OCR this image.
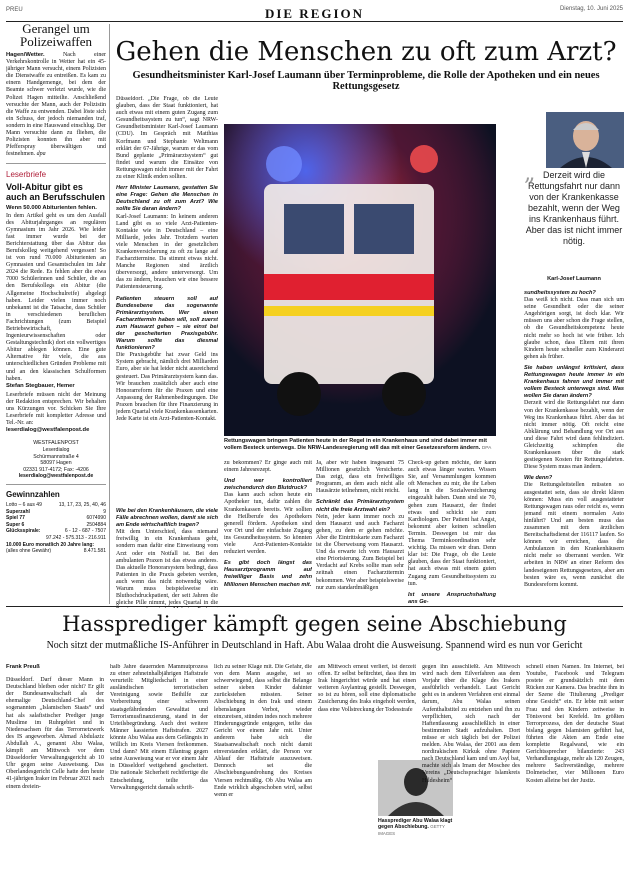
PREU	Dienstag, 10. Juni 2025
DIE REGION
Gerangel um Polizeiwaffen
Hagen/Wetter.	Nach einer Verkehrskontrolle in Wetter hat ein 45-jähriger Mann versucht, einem Polizisten die Dienstwaffe zu entreißen. Es kam zu einem Handgemenge, bei dem der Beamte schwer verletzt wurde, wie die Polizei Hagen mitteilte. Anschließend versuchte der Mann, auch der Polizistin die Waffe zu entwenden. Dabei löste sich ein Schuss, der jedoch niemanden traf, sondern in eine Hauswand einschlug. Der Mann versuchte dann zu fliehen, die Polizisten konnten ihn aber mit Pfefferspray überwältigen und festnehmen. dpa
Leserbriefe
Voll-Abitur gibt es auch an Berufsschulen
Wenn 50.000 Abiturienten fehlen.
In dem Artikel geht es um den Ausfall des Abiturjahrganges an regulären Gymnasium im Jahr 2026. Wie leider fast immer wurde bei der Berichterstattung über das Abitur das Berufskolleg weitgehend vergessen! So ist von rund 70.000 Abiturienten an Gymnasien und Gesamtschulen im Jahr 2024 die Rede. Es fehlen aber die etwa 7000 Schülerinnen und Schüler, die an den Berufskollegs ein Abitur (die Allgemeine Hochschulreife) abgelegt haben. Leider vielen immer noch unbekannt ist die Tatsache, dass Schüler in verschiedenen beruflichen Fachrichtungen (zum Beispiel Betriebswirtschaft, Ingenieurwissenschaften oder Gestaltungstechnik) dort ein vollwertiges Abitur ablegen können. Eine gute Alternative für viele, die aus unterschiedlichen Gründen Probleme mit und an den klassischen Schulformen haben.
Stefan Stegbauer, Hemer
Leserbriefe müssen nicht der Meinung der Redaktion entsprechen. Wir behalten uns Kürzungen vor. Schicken Sie Ihre Leserbriefe mit kompletter Adresse und Tel.-Nr. an:
leserdialog@westfalenpost.de
WESTFALENPOST
Leserdialog
Schürmannstraße 4
58097 Hagen
02331 917-4172; Fax: -4206
leserdialog@westfalenpost.de
Gewinnzahlen
Lotto – 6 aus 49	13, 17, 23, 25, 40, 46
Superzahl	9
Spiel 77	6074990
Super 6	2504884
Glücksspirale:	6 - 12 - 687 - 7507
97.242 - 575.313 - 216.911
10.000 Euro monatlich 20 Jahre lang:
(alles ohne Gewähr)	8.471.581
Gehen die Menschen zu oft zum Arzt?
Gesundheitsminister Karl-Josef Laumann über Terminprobleme, die Rolle der Apotheken und ein neues Rettungsgesetz
Düsseldorf. „Die Frage, ob die Leute glauben, dass der Staat funktioniert, hat auch etwas mit einem guten Zugang zum Gesundheitssystem zu tun“, sagt NRW-Gesundheitsminister Karl-Josef Laumann (CDU). Im Gespräch mit Matthias Korfmann und Stephanie Weltmann erklärt der 67-Jährige, warum er das vom Bund geplante „Primärarztsystem“ gut findet und warum die Einsätze von Rettungswagen nicht immer mit der Fahrt zu einer Klinik enden sollten.
Herr Minister Laumann, gestatten Sie eine Frage: Gehen die Menschen in Deutschland zu oft zum Arzt? Wie sollte Sie daran ändern?
Karl-Josef Laumann: In keinem anderen Land gibt es so viele Arzt-Patienten-Kontakte wie in Deutschland – eine Milliarde, jedes Jahr. Trotzdem warten viele Menschen in der gesetzlichen Krankenversicherung zu oft zu lange auf Facharzttermine. Da stimmt etwas nicht. Manche Regionen sind ärztlich überversorgt, andere unterversorgt. Um das zu ändern, brauchen wir eine bessere Patientensteuerung.
Patienten steuern soll auf Bundesebene das sogenannte Primärarztsystem. Wer einen Facharzttermin haben will, soll zuerst zum Hausarzt gehen – sie einst bei der gescheiterten Praxisgebühr. Warum sollte das diesmal funktionieren?
Die Praxisgebühr hat zwar Geld ins System gebracht, nämlich drei Milliarden Euro, aber sie hat leider nicht ausreichend gesteuert. Das Primärarztsystem kann das. Wir brauchen zusätzlich aber auch eine Honorarreform für die Praxen und eine Anpassung der Rahmenbedingungen. Die Praxen brauchen für ihre Finanzierung in jedem Quartal viele Krankenkassenkarten. Jede Karte ist ein Arzt-Patienten-Kontakt.
Wie bei den Krankenhäusern, die viele Fälle abrechnen wollen, damit sie sich am Ende wirtschaftlich tragen?
Mit dem Unterschied, dass niemand freiwillig in ein Krankenhaus geht, sondern man dafür eine Einweisung vom Arzt oder ein Notfall ist. Bei den ambulanten Praxen ist das etwas anderes. Das aktuelle Honorarsystem bedingt, dass Patienten in die Praxis gebeten werden, auch wenn das nicht notwendig wäre. Warum muss beispielsweise ein Bluthochdruckpatient, der seit Jahren die gleiche Pille nimmt, jedes Quartal in die
Rettungswagen bringen Patienten heute in der Regel in ein Krankenhaus und sind dabei immer mit vollem Besteck unterwegs. Die NRW-Landesregierung will das mit einer Gesetzesreform ändern. DPA
zu bekommen? Er ginge auch mit einem Jahresrezept.
Und wer kontrolliert zwischendurch den Blutdruck?
Das kann auch schon heute ein Apotheker tun, dafür zahlen die Krankenkassen bereits. Wir sollten die Heilberufe des Apothekers generell fördern. Apotheken sind vor Ort und der einfachste Zugang ins Gesundheitssystem. So könnten viele Arzt-Patienten-Kontakte reduziert werden.
Es gibt doch längst das Hausarztprogramm auf freiwilliger Basis und zehn Millionen Menschen machen mit.
Ja, aber wir haben insgesamt 75 Millionen gesetzlich Versicherte. Das zeigt, dass ein freiwilliges Programm, an dem auch nicht alle Hausärzte teilnehmen, nicht reicht.
Schränkt das Primärarztsystem nicht die freie Arztwahl ein?
Nein, jeder kann immer noch zu dem Hausarzt und auch Facharzt gehen, zu dem er gehen möchte. Aber die Eintrittskarte zum Facharzt ist die Überweisung vom Hausarzt. Und da erwarte ich vom Hausarzt eine Priorisierung. Zum Beispiel bei Verdacht auf Krebs sollte man sehr zeitnah einen Facharzttermin bekommen. Wer aber beispielsweise nur zum standardmäßigen
Check-up gehen möchte, der kann auch etwas länger warten. Wissen Sie, auf Versammlungen kommen oft Menschen zu mir, die ihr Leben lang in die Sozialversicherung eingezahlt haben. Dann sind sie 70, gehen zum Hausarzt, der findet etwas und schickt sie zum Kardiologen. Der Patient hat Angst, bekommt aber keinen schnellen Termin. Deswegen ist mir das Thema Terminkoordination sehr wichtig. Da missen wir dran. Denn klar ist: Die Frage, ob die Leute glauben, dass der Staat funktioniert, hat auch etwas mit einem guten Zugang zum Gesundheitssystem zu tun.
Ist unsere Anspruchshaltung ans Ge-
„ Derzeit wird die Rettungsfahrt nur dann von der Krankenkasse bezahlt, wenn der Weg ins Krankenhaus führt. Aber das ist nicht immer nötig.
Karl-Josef Laumann
sundheitssystem zu hoch?
Das weiß ich nicht. Dass man sich um seine Gesundheit oder die seiner Angehörigen sorgt, ist doch klar. Wir müssen uns aber schon die Frage stellen, ob die Gesundheitskompetenz heute nicht mehr so hoch ist wie früher. Ich glaube schon, dass Eltern mit ihren Kindern heute schneller zum Kinderarzt gehen als früher.
Sie haben unlängst kritisiert, dass Rettungswagen heute immer in ein Krankenhaus fahren und immer mit vollem Besteck unterwegs sind. Was wollen Sie daran ändern?
Derzeit wird die Rettungsfahrt nur dann von der Krankenkasse bezahlt, wenn der Weg ins Krankenhaus führt. Aber das ist nicht immer nötig. Oft reicht eine Abklärung und Behandlung vor Ort aus und diese Fahrt wird dann fehlindiziert. Gleichzeitig schimpfen die Krankenkassen über die stark gestiegenen Kosten für Rettungsfahrten. Diese System muss man ändern.
Wie denn?
Die Rettungsleitstellen müssten so ausgestattet sein, dass sie direkt klären können: Muss ein voll ausgestatteter Rettungswagen raus oder reicht es, wenn jemand mit einem normalen Auto hinfährt? Und am besten muss das zusammen mit dem ärztlichen Bereitschaftsdienst der 116117 laufen. So können wir erreichen, dass die Ambulanzen in den Krankenhäusern nicht mehr so überrannt werden. Wir arbeiten in NRW an einer Reform des landeseigenen Rettungsgesetzes, aber am besten wäre es, wenn zunächst die Bundesreform kommt.
Hassprediger kämpft gegen seine Abschiebung
Noch sitzt der mutmaßliche IS-Anführer in Deutschland in Haft. Abu Walaa droht die Ausweisung. Spannend wird es nun vor Gericht
Frank Preuß
Düsseldorf. Darf dieser Mann in Deutschland bleiben oder nicht? Er gilt der Bundesanwaltschaft als der ehemalige Deutschland-Chef des sogenannten „Islamischen Staats“ und hat als salafistischer Prediger junge Muslime im Ruhrgebiet und in Niedersachsen für das Terrornetzwerk des IS angeworben. Ahmad Abdulaziz Abdullah A., genannt Abu Walaa, kämpft am Mittwoch vor dem Düsseldorfer Verwaltungsgericht ab 10 Uhr gegen seine Ausweisung. Das Oberlandesgericht Celle hatte den heute 41-jährigen Iraker im Februar 2021 nach einem dreiein-
halb Jahre dauernden Mammutprozess zu einer zehneinhalbjährigen Haftstrafe verurteilt: Mitgliedschaft in einer ausländischen terroristischen Vereinigung sowie Beihilfe zur Vorbereitung einer schweren staatsgefährdenden Gewalttat und Terrorismusfinanzierung, stand in der Urteilsbegründung. Auch drei weitere Männer kassierten Haftstrafen. 2027 könnte Abu Walaa aus dem Gefängnis in Willich im Kreis Viersen freikommen. Und dann? Mit einem Eilantrag gegen seine Ausweisung war er vor einem Jahr in Düsseldorf weitgehend gescheitert. Die nationale Sicherheit rechtfertige die Entscheidung, teilte das Verwaltungsgericht damals schrift-
lich zu seiner Klage mit. Die Gefahr, die von dem Mann ausgehe, sei so schwerwiegend, dass selbst die Belange seiner sieben Kinder dahinter zurückstehen müssten. Seiner Abschiebung in den Irak und einem lebenslangen Verbot, wieder einzureisen, stünden indes noch mehrere Hinderungsgründe entgegen, teilte das Gericht vor einem Jahr mit. Unter anderem habe sich die Staatsanwaltschaft noch nicht damit einverstanden erklärt, die Person vor Ablauf der Haftstrafe auszuweisen. Dennoch sei die Abschiebungsandrohung des Kreises Viersen rechtmäßig. Ob Abu Walaa am Ende wirklich abgeschoben wird, selbst wenn er
am Mittwoch erneut verliert, ist derzeit offen. Er selbst befürchtet, dass ihm im Irak hingerichtet würde und hat einen weiteren Asylantrag gestellt. Deswegen, so ist zu hören, soll eine diplomatische Zusicherung des Iraks eingeholt werden, dass eine Vollstreckung der Todesstrafe
Hassprediger Abu Walaa klagt gegen Abschiebung. GETTY IMAGES
gegen ihn ausschließt. Am Mittwoch wird nach dem Eilverfahren aus dem Vorjahr über die Klage des Irakers ausführlich verhandelt. Laut Gericht geht es in anderen Verfahren erst einmal darum, Abu Walaa seinen Aufenthaltstitel zu entziehen und ihn zu verpflichten, sich nach der Haftentlassung ausschließlich in einer bestimmten Stadt aufzuhalten. Dort müsse er sich täglich bei der Polizei melden. Abu Walaa, der 2001 aus dem nordirakischen Kirkuk ohne Papiere nach Deutschland kam und um Asyl bat, machte sich als Imam der Moschee des Vereins „Deutschsprachiger Islamkreis Hildesheim“
schnell einen Namen. Im Internet, bei Youtube, Facebook und Telegram postete er grundsätzlich mit dem Rücken zur Kamera. Das brachte ihm in der Szene die Titulierung „Prediger ohne Gesicht“ ein. Er lebte mit seiner Frau und den Kindern zeitweise in Tönisvorst bei Krefeld. Im größten Terrorprozess, den der deutsche Staat bislang gegen Islamisten geführt hat, führten die Akten am Ende eine komplette Regalwand, wie ein Gerichtssprecher bilanzierte: 243 Verhandlungstage, mehr als 120 Zeugen, mehrere Sachverständige, mehrere Dolmetscher, vier Millionen Euro Kosten alleine bei der Justiz.
